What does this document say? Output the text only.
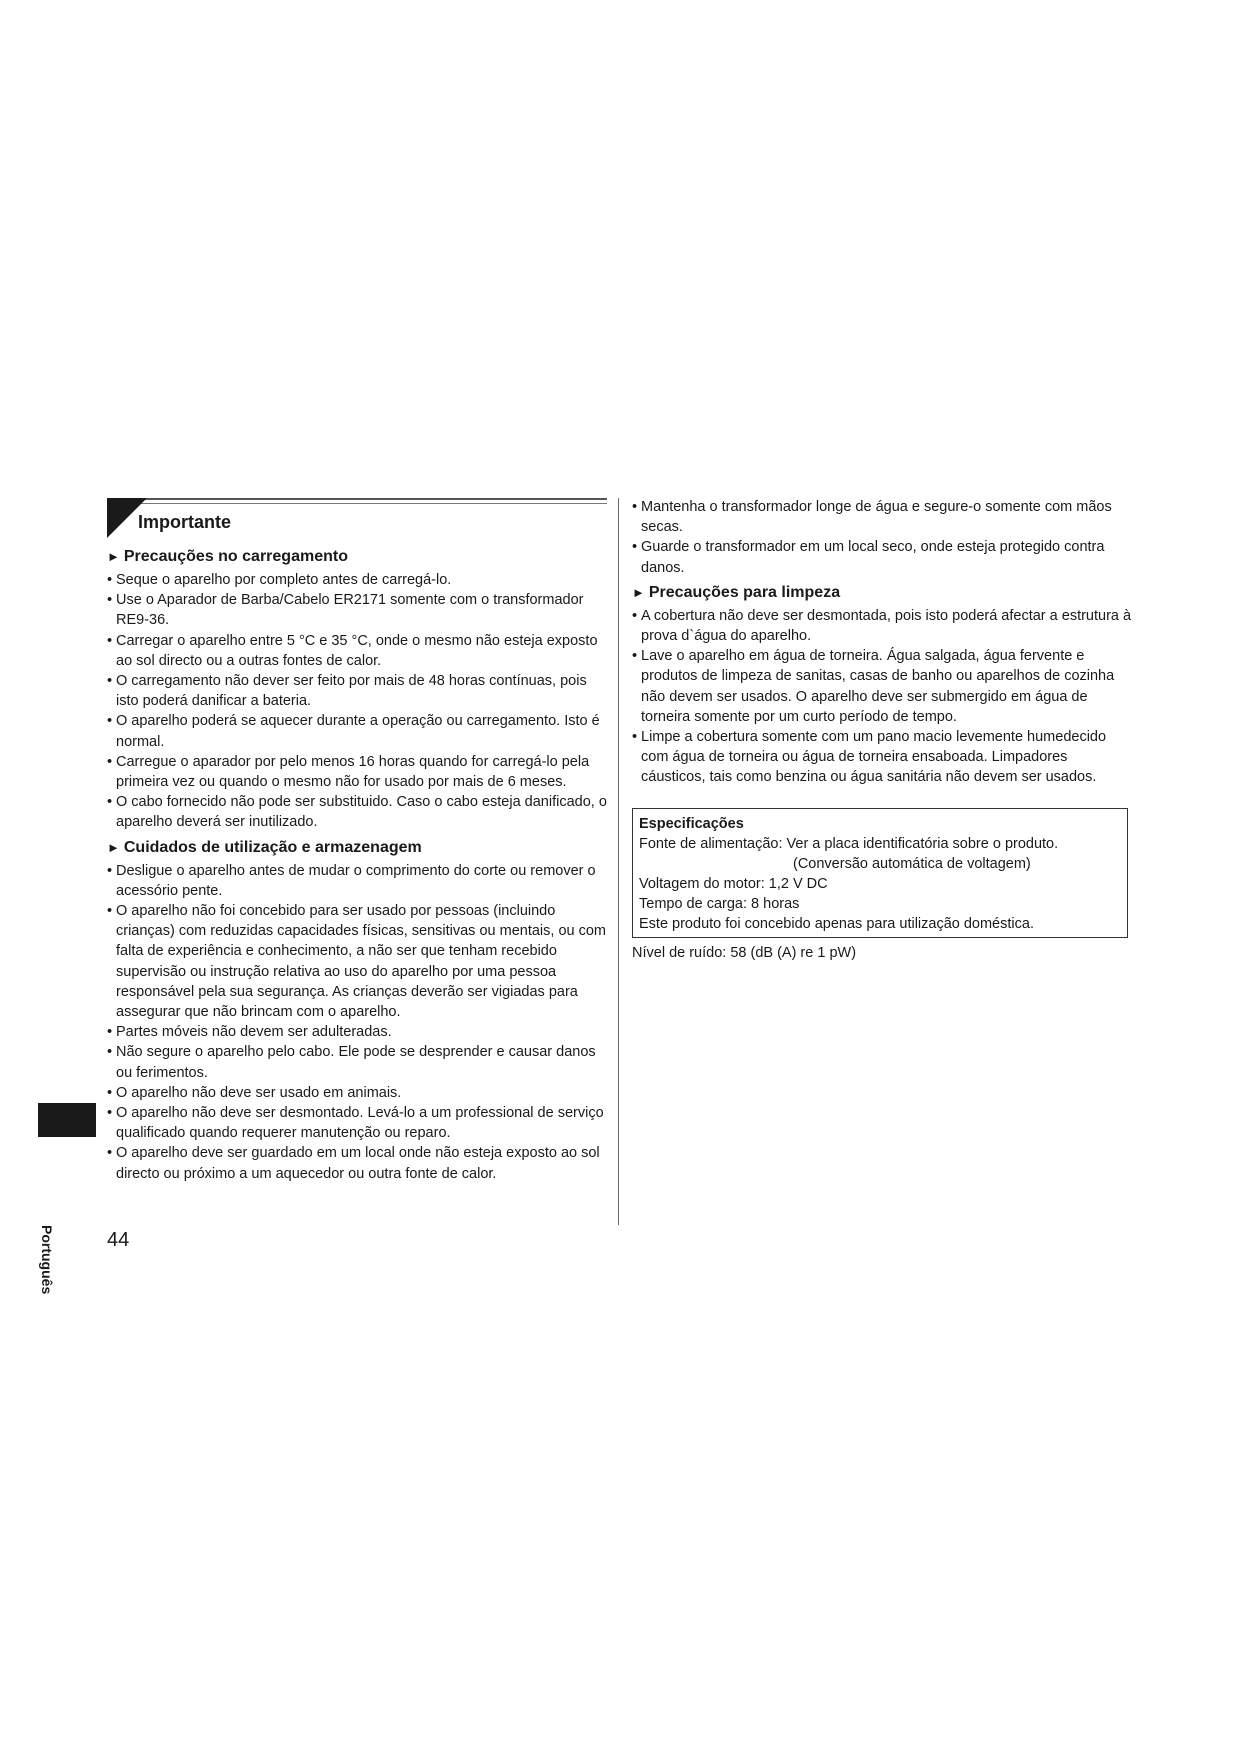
Importante
► Precauções no carregamento
• Seque o aparelho por completo antes de carregá-lo.
• Use o Aparador de Barba/Cabelo ER2171 somente com o transformador RE9-36.
• Carregar o aparelho entre 5 °C e 35 °C, onde o mesmo não esteja exposto ao sol directo ou a outras fontes de calor.
• O carregamento não dever ser feito por mais de 48 horas contínuas, pois isto poderá danificar a bateria.
• O aparelho poderá se aquecer durante a operação ou carregamento. Isto é normal.
• Carregue o aparador por pelo menos 16 horas quando for carregá-lo pela primeira vez ou quando o mesmo não for usado por mais de 6 meses.
• O cabo fornecido não pode ser substituido. Caso o cabo esteja danificado, o aparelho deverá ser inutilizado.
► Cuidados de utilização e armazenagem
• Desligue o aparelho antes de mudar o comprimento do corte ou remover o acessório pente.
• O aparelho não foi concebido para ser usado por pessoas (incluindo crianças) com reduzidas capacidades físicas, sensitivas ou mentais, ou com falta de experiência e conhecimento, a não ser que tenham recebido supervisão ou instrução relativa ao uso do aparelho por uma pessoa responsável pela sua segurança. As crianças deverão ser vigiadas para assegurar que não brincam com o aparelho.
• Partes móveis não devem ser adulteradas.
• Não segure o aparelho pelo cabo. Ele pode se desprender e causar danos ou ferimentos.
• O aparelho não deve ser usado em animais.
• O aparelho não deve ser desmontado. Levá-lo a um professional de serviço qualificado quando requerer manutenção ou reparo.
• O aparelho deve ser guardado em um local onde não esteja exposto ao sol directo ou próximo a um aquecedor ou outra fonte de calor.
• Mantenha o transformador longe de água e segure-o somente com mãos secas.
• Guarde o transformador em um local seco, onde esteja protegido contra danos.
► Precauções para limpeza
• A cobertura não deve ser desmontada, pois isto poderá afectar a estrutura à prova d`água do aparelho.
• Lave o aparelho em água de torneira. Água salgada, água fervente e produtos de limpeza de sanitas, casas de banho ou aparelhos de cozinha não devem ser usados. O aparelho deve ser submergido em água de torneira somente por um curto período de tempo.
• Limpe a cobertura somente com um pano macio levemente humedecido com água de torneira ou água de torneira ensaboada. Limpadores cáusticos, tais como benzina ou água sanitária não devem ser usados.
Especificações
Fonte de alimentação: Ver a placa identificatória sobre o produto.
(Conversão automática de voltagem)
Voltagem do motor: 1,2 V DC
Tempo de carga: 8 horas
Este produto foi concebido apenas para utilização doméstica.
Nível de ruído: 58 (dB (A) re 1 pW)
Português	44
